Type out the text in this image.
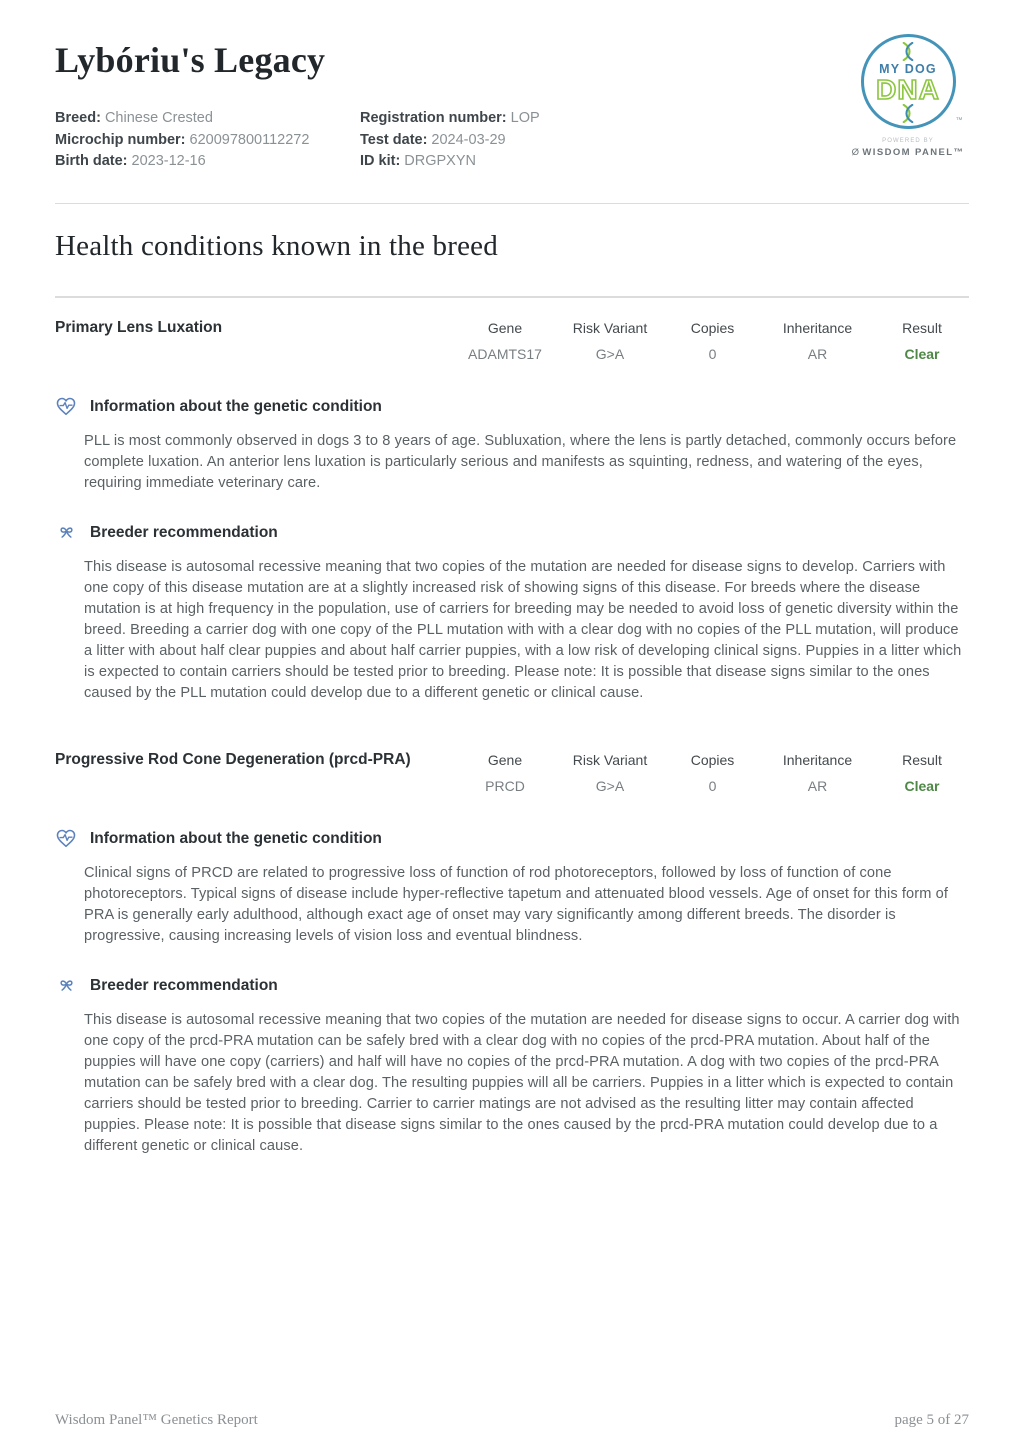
Lybóriu's Legacy
Breed: Chinese Crested
Microchip number: 620097800112272
Birth date: 2023-12-16
Registration number: LOP
Test date: 2024-03-29
ID kit: DRGPXYN
MY DOG
DNA
™
POWERED BY
Ø WISDOM PANEL™
Health conditions known in the breed
Primary Lens Luxation	Gene	Risk Variant	Copies	Inheritance	Result
ADAMTS17	G>A	0	AR	Clear
Information about the genetic condition

PLL is most commonly observed in dogs 3 to 8 years of age. Subluxation, where the lens is partly detached, commonly occurs before complete luxation. An anterior lens luxation is particularly serious and manifests as squinting, redness, and watering of the eyes, requiring immediate veterinary care.

Breeder recommendation

This disease is autosomal recessive meaning that two copies of the mutation are needed for disease signs to develop. Carriers with one copy of this disease mutation are at a slightly increased risk of showing signs of this disease. For breeds where the disease mutation is at high frequency in the population, use of carriers for breeding may be needed to avoid loss of genetic diversity within the breed. Breeding a carrier dog with one copy of the PLL mutation with with a clear dog with no copies of the PLL mutation, will produce a litter with about half clear puppies and about half carrier puppies, with a low risk of developing clinical signs. Puppies in a litter which is expected to contain carriers should be tested prior to breeding. Please note: It is possible that disease signs similar to the ones caused by the PLL mutation could develop due to a different genetic or clinical cause.

Progressive Rod Cone Degeneration (prcd-PRA)	Gene	Risk Variant	Copies	Inheritance	Result
PRCD	G>A	0	AR	Clear
Information about the genetic condition

Clinical signs of PRCD are related to progressive loss of function of rod photoreceptors, followed by loss of function of cone photoreceptors. Typical signs of disease include hyper-reflective tapetum and attenuated blood vessels. Age of onset for this form of PRA is generally early adulthood, although exact age of onset may vary significantly among different breeds. The disorder is progressive, causing increasing levels of vision loss and eventual blindness.

Breeder recommendation

This disease is autosomal recessive meaning that two copies of the mutation are needed for disease signs to occur. A carrier dog with one copy of the prcd-PRA mutation can be safely bred with a clear dog with no copies of the prcd-PRA mutation. About half of the puppies will have one copy (carriers) and half will have no copies of the prcd-PRA mutation. A dog with two copies of the prcd-PRA mutation can be safely bred with a clear dog. The resulting puppies will all be carriers. Puppies in a litter which is expected to contain carriers should be tested prior to breeding. Carrier to carrier matings are not advised as the resulting litter may contain affected puppies. Please note: It is possible that disease signs similar to the ones caused by the prcd-PRA mutation could develop due to a different genetic or clinical cause.

Wisdom Panel™ Genetics Report	page 5 of 27
